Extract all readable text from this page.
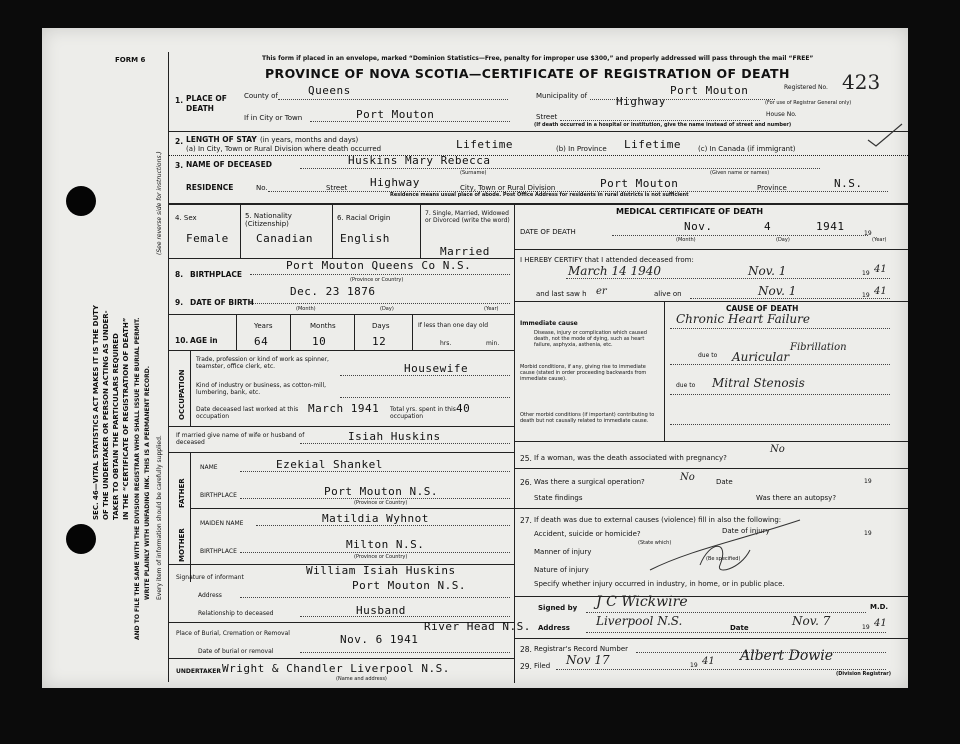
SEC. 46—VITAL STATISTICS ACT MAKES IT IS THE DUTY OF THE UNDERTAKER OR PERSON ACTING AS UNDER- TAKER TO OBTAIN THE PARTICULARS REQUIRED IN THE “CERTIFICATE OF REGISTRATION OF DEATH” AND TO FILE THE SAME WITH THE DIVISION REGISTRAR WHO SHALL ISSUE THE BURIAL PERMIT. WRITE PLAINLY WITH UNFADING INK. THIS IS A PERMANENT RECORD. Every item of information should be carefully supplied.
(See reverse side for instructions.)
FORM 6	This form if placed in an envelope, marked “Dominion Statistics—Free, penalty for improper use $300,” and properly addressed will pass through the mail “FREE”
PROVINCE OF NOVA SCOTIA—CERTIFICATE OF REGISTRATION OF DEATH
Registered No. 423
(For use of Registrar General only)
1. PLACE OF DEATH
County of	Queens	Municipality of	Port Mouton
Highway
If in City or Town	Port Mouton	Street	House No.
(If death occurred in a hospital or institution, give the name instead of street and number)
2. LENGTH OF STAY (in years, months and days)
(a) In City, Town or Rural Division where death occurred	Lifetime	(b) In Province Lifetime (c) In Canada (if immigrant)
3. NAME OF DECEASED	Huskins Mary Rebecca
(Surname)	(Given name or names)
RESIDENCE	No.	Street Highway	City, Town or Rural Division	Port Mouton	Province	N.S.
Residence means usual place of abode. Post Office Address for residents in rural districts is not sufficient
4. Sex
Female
5. Nationality (Citizenship)
Canadian
6. Racial Origin
English
7. Single, Married, Widowed or Divorced (write the word)
Married
8. BIRTHPLACE
Port Mouton Queens Co N.S.
(Province or Country)
9. DATE OF BIRTH
Dec. 23 1876
(Month)	(Day)	(Year)
10. AGE in
Years	Months	Days
64	10	12
If less than one day old
hrs.	min.
OCCUPATION
Trade, profession or kind of work as spinner, teamster, office clerk, etc.	Housewife
Kind of industry or business, as cotton-mill, lumbering, bank, etc.
Date deceased last worked at this occupation
March 1941 Total yrs. spent in this occupation
40
If married give name of wife or husband of deceased	Isiah Huskins
FATHER
MOTHER
NAME	Ezekial Shankel
BIRTHPLACE	Port Mouton N.S.
(Province or Country)
MAIDEN NAME	Matildia Wyhnot
BIRTHPLACE
Milton N.S.
(Province or Country)
Signature of informant
William Isiah Huskins
Address
Port Mouton N.S.
Relationship to deceased	Husband
Place of Burial, Cremation or Removal
River Head N.S.
Date of burial or removal
Nov. 6 1941
UNDERTAKER Wright & Chandler Liverpool N.S.
(Name and address)
MEDICAL CERTIFICATE OF DEATH
DATE OF DEATH	Nov.	4	1941
19
(Month)	(Day)	(Year)
I HEREBY CERTIFY that I attended deceased from:
March 14 1940	Nov. 1	19 41
and last saw h er	alive on	Nov. 1	19 41
CAUSE OF DEATH
Immediate cause
Disease, injury or complication which caused death, not the mode of dying, such as heart failure, asphyxia, asthenia, etc.
Chronic Heart Failure
due to
Fibrillation
Auricular
Morbid conditions, if any, giving rise to immediate cause (stated in order proceeding backwards from immediate cause).
due to Mitral Stenosis
Other morbid conditions (if important) contributing to death but not causally related to immediate cause.
25. If a woman, was the death associated with pregnancy?
No
26. Was there a surgical operation?	No	Date	19
State findings	Was there an autopsy?
27. If death was due to external causes (violence) fill in also the following:
Accident, suicide or homicide?	Date of injury	19
(State which)
Manner of injury
(Be specified)
Nature of injury
Specify whether injury occurred in industry, in home, or in public place.
Signed by J C Wickwire	M.D.
Address Liverpool N.S.	Date	Nov. 7	19 41
28. Registrar's Record Number
29. Filed Nov 17	19 41 Albert Dowie
(Division Registrar)
